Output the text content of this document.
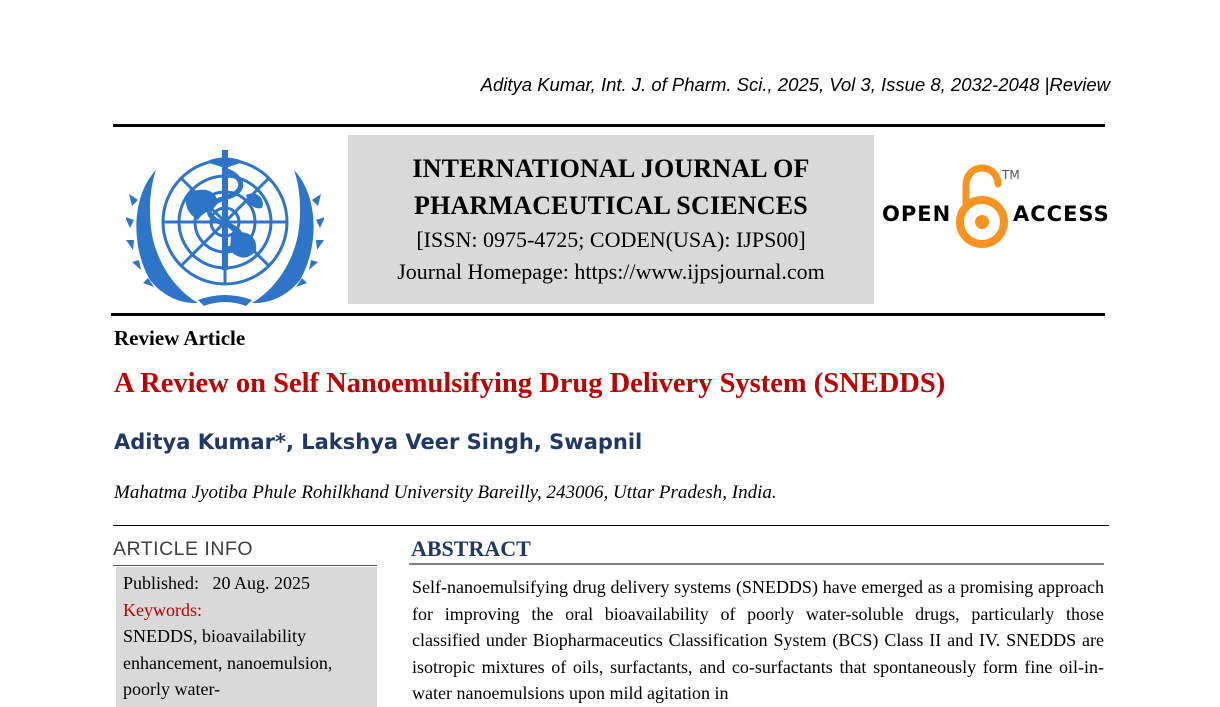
Aditya Kumar, Int. J. of Pharm. Sci., 2025, Vol 3, Issue 8, 2032-2048 |Review
INTERNATIONAL JOURNAL OF
PHARMACEUTICAL SCIENCES
[ISSN: 0975-4725; CODEN(USA): IJPS00]
Journal Homepage: https://www.ijpsjournal.com
OPEN
TM
ACCESS
Review Article
A Review on Self Nanoemulsifying Drug Delivery System (SNEDDS)
Aditya Kumar*, Lakshya Veer Singh, Swapnil
Mahatma Jyotiba Phule Rohilkhand University Bareilly, 243006, Uttar Pradesh, India.
ARTICLE INFO
Published: 20 Aug. 2025
Keywords:
SNEDDS, bioavailability enhancement, nanoemulsion, poorly water-
ABSTRACT
Self-nanoemulsifying drug delivery systems (SNEDDS) have emerged as a promising approach for improving the oral bioavailability of poorly water-soluble drugs, particularly those classified under Biopharmaceutics Classification System (BCS) Class II and IV. SNEDDS are isotropic mixtures of oils, surfactants, and co-surfactants that spontaneously form fine oil-in-water nanoemulsions upon mild agitation in
